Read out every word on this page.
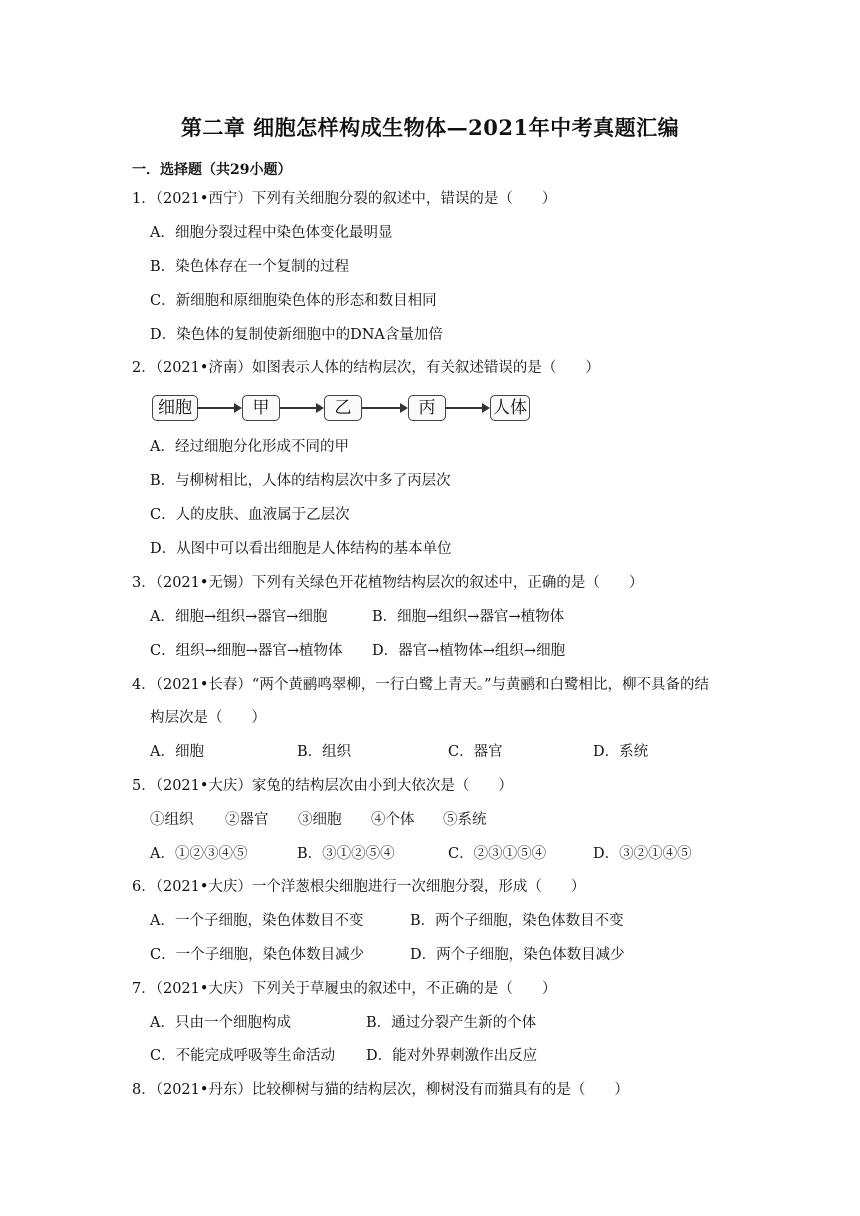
第二章 细胞怎样构成生物体—2021年中考真题汇编
一．选择题（共29小题）
1．（2021•西宁）下列有关细胞分裂的叙述中，错误的是（　　）
A．细胞分裂过程中染色体变化最明显
B．染色体存在一个复制的过程
C．新细胞和原细胞染色体的形态和数目相同
D．染色体的复制使新细胞中的DNA含量加倍
2．（2021•济南）如图表示人体的结构层次，有关叙述错误的是（　　）
细胞	甲	乙	丙	人体
A．经过细胞分化形成不同的甲
B．与柳树相比，人体的结构层次中多了丙层次
C．人的皮肤、血液属于乙层次
D．从图中可以看出细胞是人体结构的基本单位
3．（2021•无锡）下列有关绿色开花植物结构层次的叙述中，正确的是（　　）
A．细胞→组织→器官→细胞	B．细胞→组织→器官→植物体
C．组织→细胞→器官→植物体 D．器官→植物体→组织→细胞
4．（2021•长春）“两个黄鹂鸣翠柳，一行白鹭上青天。”与黄鹂和白鹭相比，柳不具备的结
构层次是（　　）
A．细胞	B．组织	C．器官	D．系统
5．（2021•大庆）家兔的结构层次由小到大依次是（　　）
①组织 ②器官 ③细胞 ④个体 ⑤系统
A．①②③④⑤	B．③①②⑤④	C．②③①⑤④	D．③②①④⑤
6．（2021•大庆）一个洋葱根尖细胞进行一次细胞分裂，形成（　　）
A．一个子细胞，染色体数目不变	B．两个子细胞，染色体数目不变
C．一个子细胞，染色体数目减少	D．两个子细胞，染色体数目减少
7．（2021•大庆）下列关于草履虫的叙述中，不正确的是（　　）
A．只由一个细胞构成	B．通过分裂产生新的个体
C．不能完成呼吸等生命活动 D．能对外界刺激作出反应
8．（2021•丹东）比较柳树与猫的结构层次，柳树没有而猫具有的是（　　）
